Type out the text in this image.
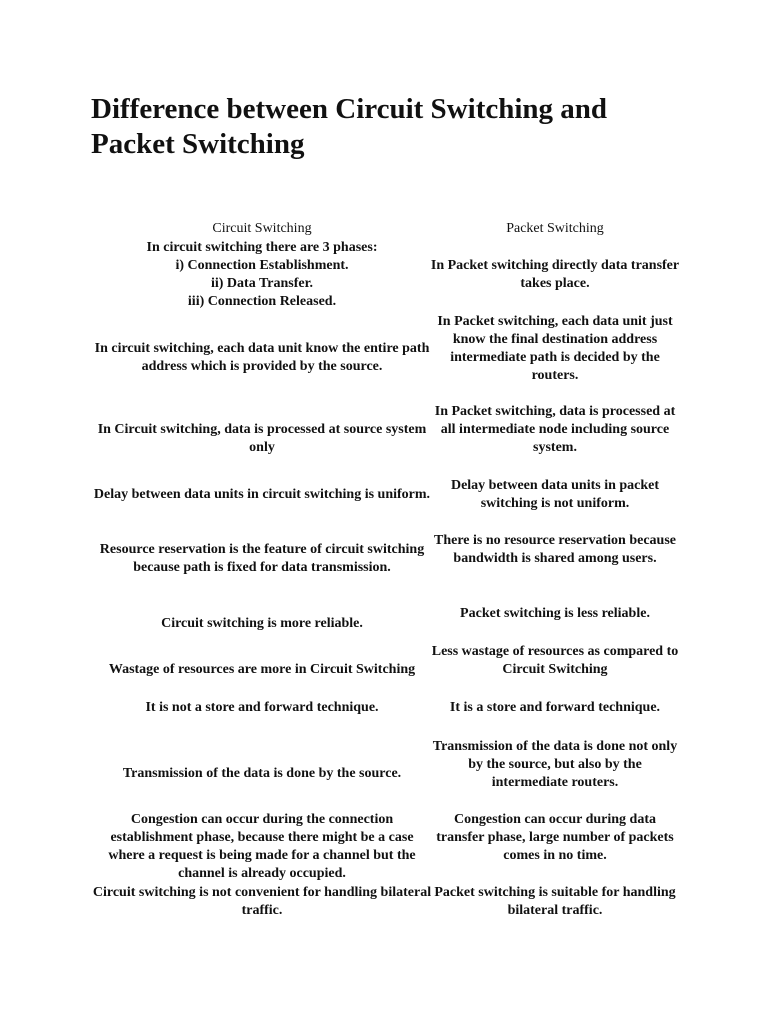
Difference between Circuit Switching and Packet Switching
Circuit Switching	Packet Switching
In circuit switching there are 3 phases:
i) Connection Establishment.
ii) Data Transfer.
iii) Connection Released.
In Packet switching directly data transfer takes place.
In circuit switching, each data unit know the entire path address which is provided by the source.
In Packet switching, each data unit just know the final destination address intermediate path is decided by the routers.
In Circuit switching, data is processed at source system only
In Packet switching, data is processed at all intermediate node including source system.
Delay between data units in circuit switching is uniform.
Delay between data units in packet switching is not uniform.
Resource reservation is the feature of circuit switching because path is fixed for data transmission.
There is no resource reservation because bandwidth is shared among users.
Circuit switching is more reliable.
Packet switching is less reliable.
Wastage of resources are more in Circuit Switching
Less wastage of resources as compared to Circuit Switching
It is not a store and forward technique.	It is a store and forward technique.
Transmission of the data is done by the source.
Transmission of the data is done not only by the source, but also by the intermediate routers.
Congestion can occur during the connection establishment phase, because there might be a case where a request is being made for a channel but the channel is already occupied.
Congestion can occur during data transfer phase, large number of packets comes in no time.
Circuit switching is not convenient for handling bilateral traffic.
Packet switching is suitable for handling bilateral traffic.
